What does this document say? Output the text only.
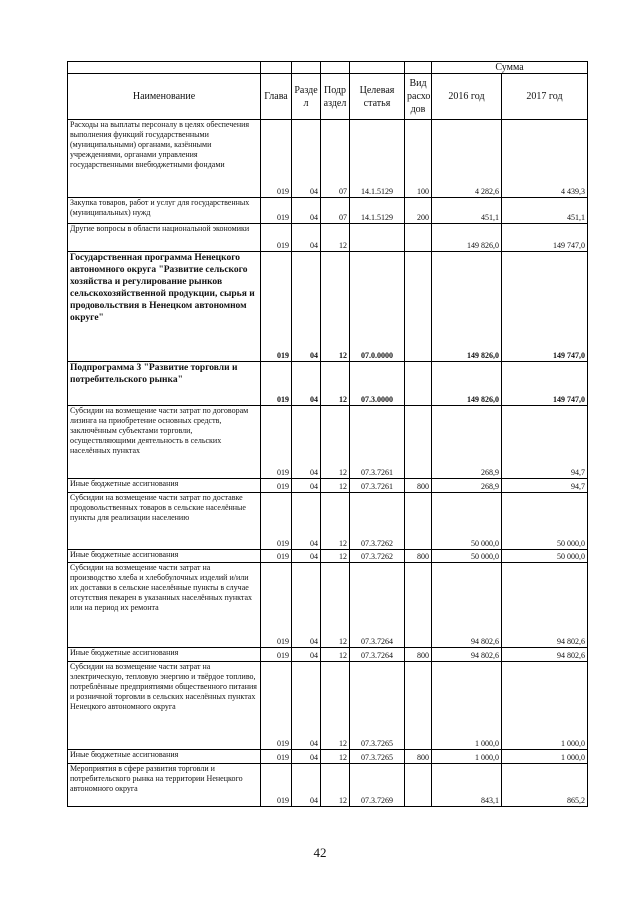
						Сумма	
Наименование	Глава	Разде л	Подр аздел	Целевая статья	Вид расхо дов	2016 год	2017 год
Расходы на выплаты персоналу в целях обеспечения выполнения функций государственными (муниципальными) органами, казёнными учреждениями, органами управления государственными внебюджетными фондами	019	04	07	14.1.5129	100	4 282,6	4 439,3
Закупка товаров, работ и услуг для государственных (муниципальных) нужд	019	04	07	14.1.5129	200	451,1	451,1
Другие вопросы в области национальной экономики	019	04	12			149 826,0	149 747,0
Государственная программа Ненецкого автономного округа "Развитие сельского хозяйства и регулирование рынков сельскохозяйственной продукции, сырья и продовольствия в Ненецком автономном округе"	019	04	12	07.0.0000		149 826,0	149 747,0
Подпрограмма 3 "Развитие торговли и потребительского рынка"	019	04	12	07.3.0000		149 826,0	149 747,0
Субсидии на возмещение части затрат по договорам лизинга на приобретение основных средств, заключённым субъектами торговли, осуществляющими деятельность в сельских населённых пунктах	019	04	12	07.3.7261		268,9	94,7
Иные бюджетные ассигнования	019	04	12	07.3.7261	800	268,9	94,7
Субсидии на возмещение части затрат по доставке продовольственных товаров в сельские населённые пункты для реализации населению	019	04	12	07.3.7262		50 000,0	50 000,0
Иные бюджетные ассигнования	019	04	12	07.3.7262	800	50 000,0	50 000,0
Субсидии на возмещение части затрат на производство хлеба и хлебобулочных изделий и/или их доставки в сельские населённые пункты в случае отсутствия пекарен в указанных населённых пунктах или на период их ремонта	019	04	12	07.3.7264		94 802,6	94 802,6
Иные бюджетные ассигнования	019	04	12	07.3.7264	800	94 802,6	94 802,6
Субсидии на возмещение части затрат на электрическую, тепловую энергию и твёрдое топливо, потреблённые предприятиями общественного питания и розничной торговли в сельских населённых пунктах Ненецкого автономного округа	019	04	12	07.3.7265		1 000,0	1 000,0
Иные бюджетные ассигнования	019	04	12	07.3.7265	800	1 000,0	1 000,0
Мероприятия в сфере развития торговли и потребительского рынка на территории Ненецкого автономного округа	019	04	12	07.3.7269		843,1	865,2
42
